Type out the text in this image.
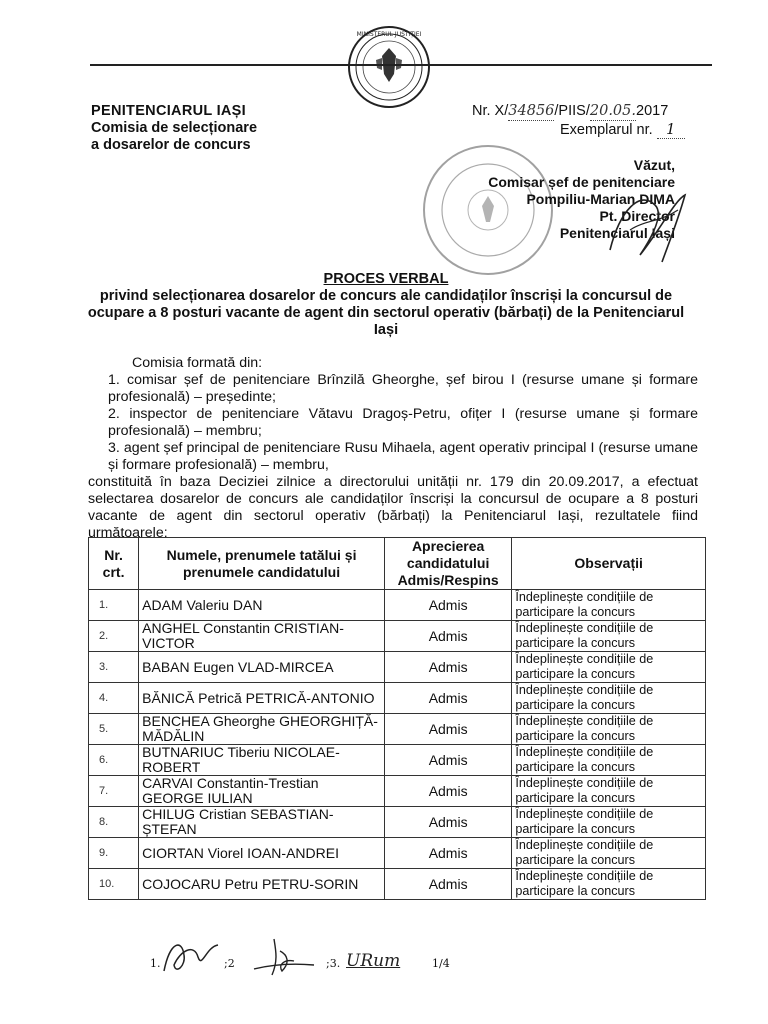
MINISTERUL JUSTIȚIEI
PENITENCIARUL IAȘI
Comisia de selecționare
a dosarelor de concurs
Nr. X/34856/PIIS/20.05.2017
Exemplarul nr. 1
Văzut,
Comisar șef de penitenciare
Pompiliu-Marian DIMA
Pt. Director
Penitenciarul Iași
PROCES VERBAL
privind selecționarea dosarelor de concurs ale candidaților înscriși la concursul de ocupare a 8 posturi vacante de agent din sectorul operativ (bărbați) de la Penitenciarul Iași

Comisia formată din:

1. comisar șef de penitenciare Brînzilă Gheorghe, șef birou I (resurse umane și formare profesională) – președinte;

2. inspector de penitenciare Vătavu Dragoș-Petru, ofițer I (resurse umane și formare profesională) – membru;

3. agent șef principal de penitenciare Rusu Mihaela, agent operativ principal I (resurse umane și formare profesională) – membru,

constituită în baza Deciziei zilnice a directorului unității nr. 179 din 20.09.2017, a efectuat selectarea dosarelor de concurs ale candidaților înscriși la concursul de ocupare a 8 posturi vacante de agent din sectorul operativ (bărbați) la Penitenciarul Iași, rezultatele fiind următoarele:

Nr. crt.	Numele, prenumele tatălui și prenumele candidatului	Aprecierea candidatului Admis/Respins	Observații
1.	ADAM Valeriu DAN	Admis	Îndeplinește condițiile de participare la concurs
2.	ANGHEL Constantin CRISTIAN-VICTOR	Admis	Îndeplinește condițiile de participare la concurs
3.	BABAN Eugen VLAD-MIRCEA	Admis	Îndeplinește condițiile de participare la concurs
4.	BĂNICĂ Petrică PETRICĂ-ANTONIO	Admis	Îndeplinește condițiile de participare la concurs
5.	BENCHEA Gheorghe GHEORGHIȚĂ-MĂDĂLIN	Admis	Îndeplinește condițiile de participare la concurs
6.	BUTNARIUC Tiberiu NICOLAE-ROBERT	Admis	Îndeplinește condițiile de participare la concurs
7.	CARVAI Constantin-Trestian GEORGE IULIAN	Admis	Îndeplinește condițiile de participare la concurs
8.	CHILUG Cristian SEBASTIAN-ȘTEFAN	Admis	Îndeplinește condițiile de participare la concurs
9.	CIORTAN Viorel IOAN-ANDREI	Admis	Îndeplinește condițiile de participare la concurs
10.	COJOCARU Petru PETRU-SORIN	Admis	Îndeplinește condițiile de participare la concurs
1.	;2	;3. URum	1/4
